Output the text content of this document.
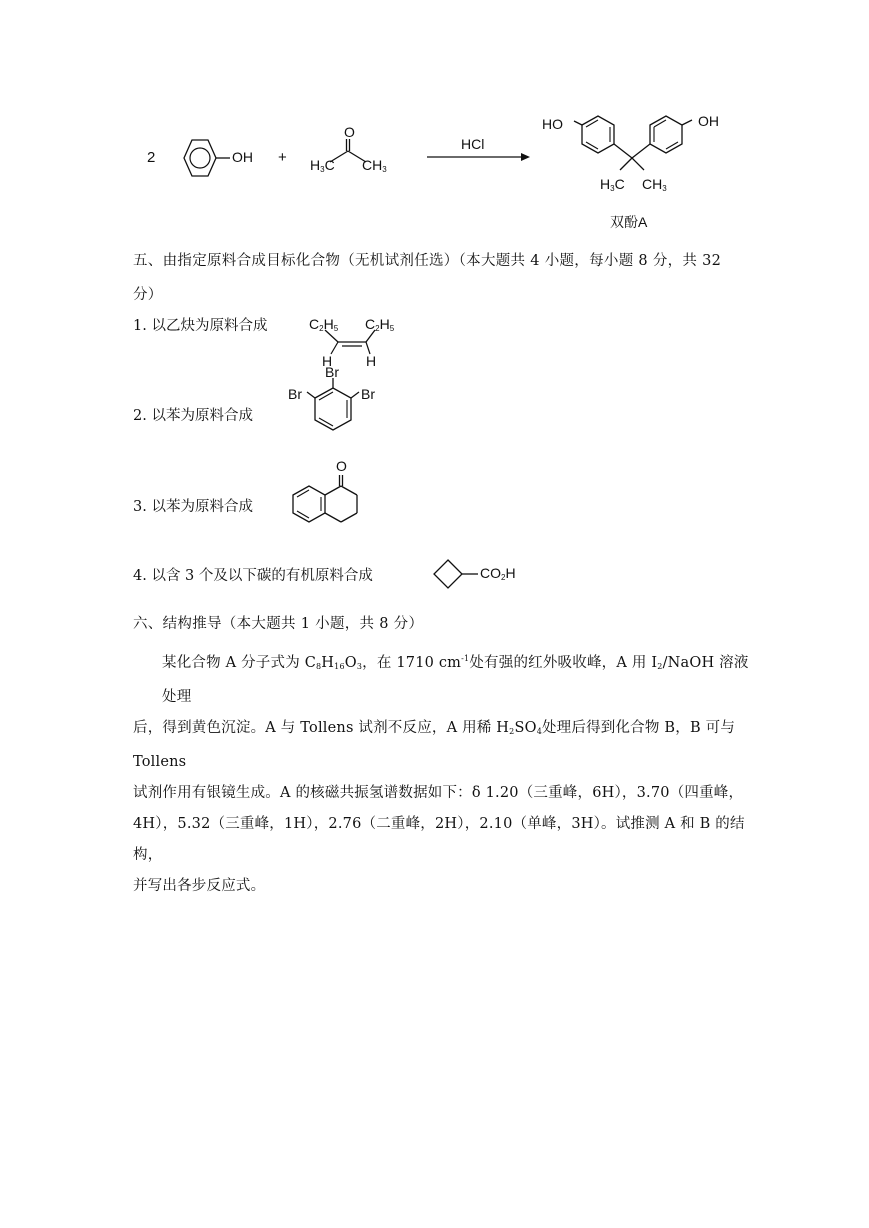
2	OH +
O
$H_3C$ $CH_3$
HCl
HO	OH
$H_3C$ $CH_3$
双酚A
五、由指定原料合成目标化合物（无机试剂任选）（本大题共 4 小题，每小题 8 分，共 32
分）
1. 以乙炔为原料合成
2. 以苯为原料合成
3. 以苯为原料合成
4. 以含 3 个及以下碳的有机原料合成
$C_2H_5$ $C_2H_5$
H H
Br
Br	Br
O
$CO_2H$
六、结构推导（本大题共 1 小题，共 8 分）
某化合物 A 分子式为 $C_8H_{16}O_3$，在 1710 $cm^{-1}$处有强的红外吸收峰，A 用 $I_2$/NaOH 溶液处理
后，得到黄色沉淀。A 与 Tollens 试剂不反应，A 用稀 $H_2SO_4$处理后得到化合物 B，B 可与 Tollens
试剂作用有银镜生成。A 的核磁共振氢谱数据如下：δ 1.20（三重峰，6H），3.70（四重峰，
4H），5.32（三重峰，1H），2.76（二重峰，2H），2.10（单峰，3H）。试推测 A 和 B 的结构，
并写出各步反应式。
